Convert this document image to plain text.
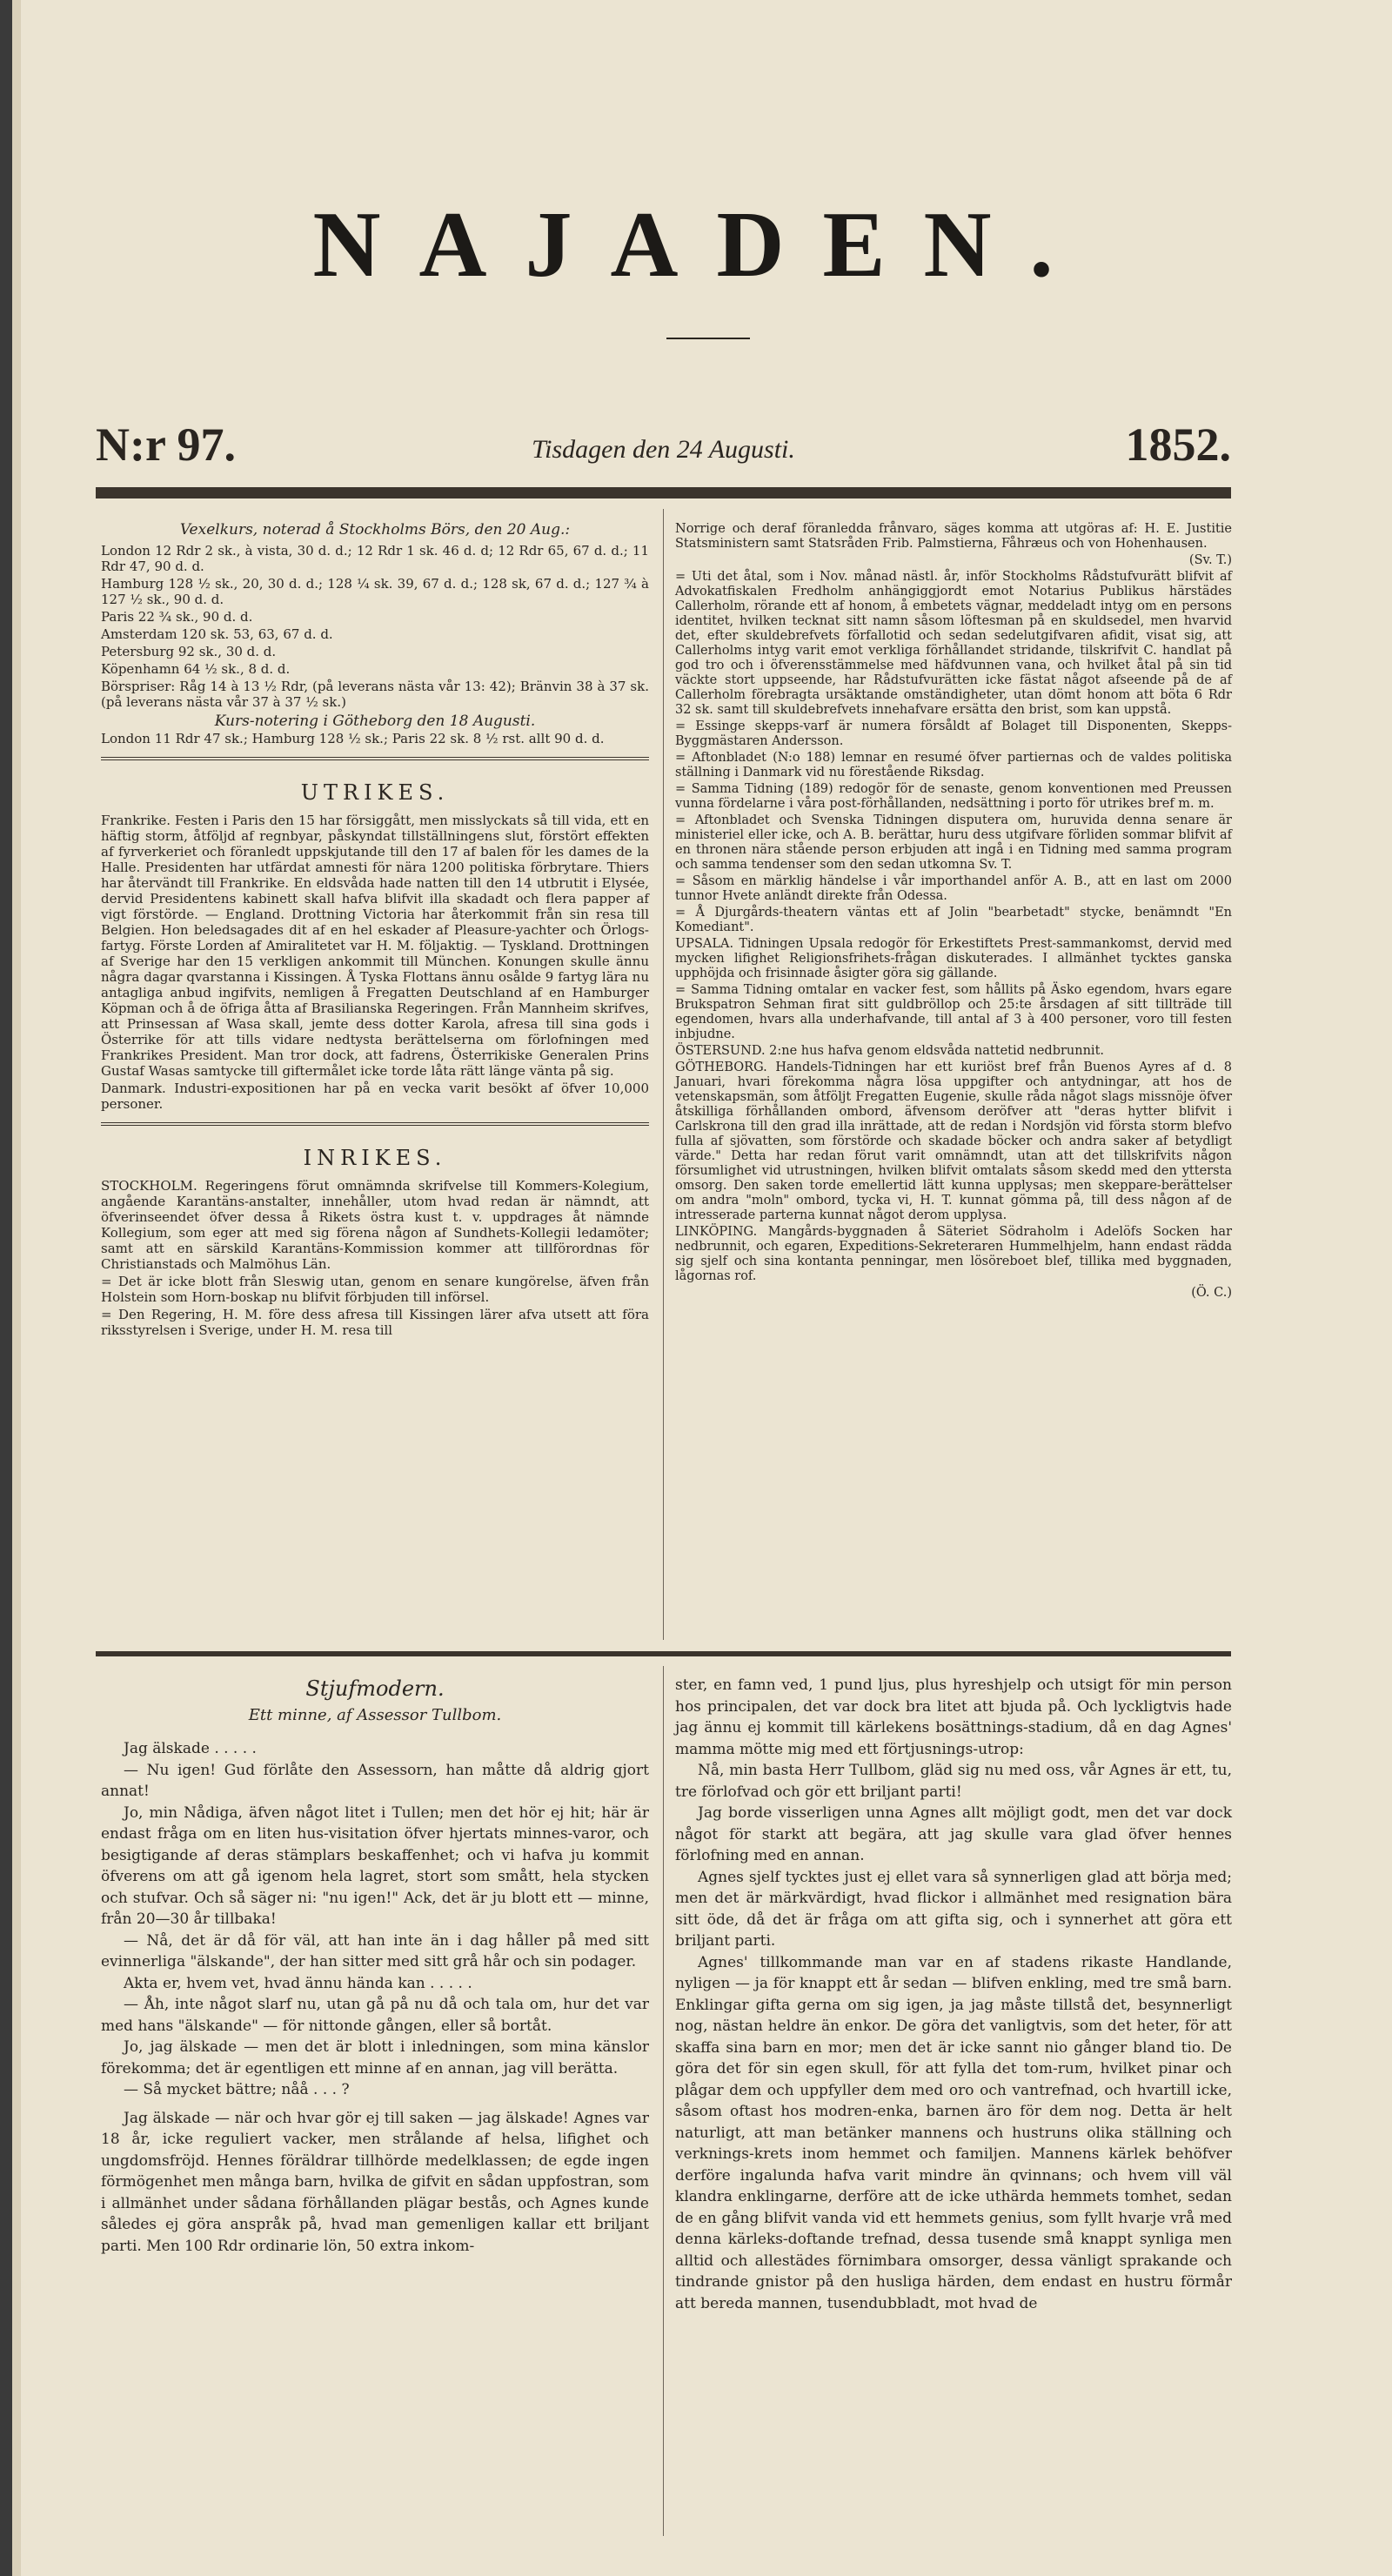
NAJADEN.
N:r 97.	Tisdagen den 24 Augusti.	1852.

Vexelkurs, noterad å Stockholms Börs, den 20 Aug.:

London 12 Rdr 2 sk., à vista, 30 d. d.; 12 Rdr 1 sk. 46 d. d; 12 Rdr 65, 67 d. d.; 11 Rdr 47, 90 d. d.

Hamburg 128 ½ sk., 20, 30 d. d.; 128 ¼ sk. 39, 67 d. d.; 128 sk, 67 d. d.; 127 ¾ à 127 ½ sk., 90 d. d.

Paris 22 ¾ sk., 90 d. d.

Amsterdam 120 sk. 53, 63, 67 d. d.

Petersburg 92 sk., 30 d. d.

Köpenhamn 64 ½ sk., 8 d. d.

Börspriser: Råg 14 à 13 ½ Rdr, (på leverans nästa vår 13: 42); Bränvin 38 à 37 sk. (på leverans nästa vår 37 à 37 ½ sk.)

Kurs-notering i Götheborg den 18 Augusti.

London 11 Rdr 47 sk.; Hamburg 128 ½ sk.; Paris 22 sk. 8 ½ rst. allt 90 d. d.

UTRIKES.

Frankrike. Festen i Paris den 15 har försiggått, men misslyckats så till vida, ett en häftig storm, åtföljd af regnbyar, påskyndat tillställningens slut, förstört effekten af fyrverkeriet och föranledt uppskjutande till den 17 af balen för les dames de la Halle. Presidenten har utfärdat amnesti för nära 1200 politiska förbrytare. Thiers har återvändt till Frankrike. En eldsvåda hade natten till den 14 utbrutit i Elysée, dervid Presidentens kabinett skall hafva blifvit illa skadadt och flera papper af vigt förstörde. — England. Drottning Victoria har återkommit från sin resa till Belgien. Hon beledsagades dit af en hel eskader af Pleasure-yachter och Örlogs-fartyg. Förste Lorden af Amiralitetet var H. M. följaktig. — Tyskland. Drottningen af Sverige har den 15 verkligen ankommit till München. Konungen skulle ännu några dagar qvarstanna i Kissingen. Å Tyska Flottans ännu osålde 9 fartyg lära nu antagliga anbud ingifvits, nemligen å Fregatten Deutschland af en Hamburger Köpman och å de öfriga åtta af Brasilianska Regeringen. Från Mannheim skrifves, att Prinsessan af Wasa skall, jemte dess dotter Karola, afresa till sina gods i Österrike för att tills vidare nedtysta berättelserna om förlofningen med Frankrikes President. Man tror dock, att fadrens, Österrikiske Generalen Prins Gustaf Wasas samtycke till giftermålet icke torde låta rätt länge vänta på sig.

Danmark. Industri-expositionen har på en vecka varit besökt af öfver 10,000 personer.

INRIKES.

STOCKHOLM. Regeringens förut omnämnda skrifvelse till Kommers-Kolegium, angående Karantäns-anstalter, innehåller, utom hvad redan är nämndt, att öfverinseendet öfver dessa å Rikets östra kust t. v. uppdrages åt nämnde Kollegium, som eger att med sig förena någon af Sundhets-Kollegii ledamöter; samt att en särskild Karantäns-Kommission kommer att tillförordnas för Christianstads och Malmöhus Län.

= Det är icke blott från Sleswig utan, genom en senare kungörelse, äfven från Holstein som Horn-boskap nu blifvit förbjuden till införsel.

= Den Regering, H. M. före dess afresa till Kissingen lärer afva utsett att föra riksstyrelsen i Sverige, under H. M. resa till

Norrige och deraf föranledda frånvaro, säges komma att utgöras af: H. E. Justitie Statsministern samt Statsråden Frib. Palmstierna, Fåhræus och von Hohenhausen.

(Sv. T.)

= Uti det åtal, som i Nov. månad nästl. år, inför Stockholms Rådstufvurätt blifvit af Advokatfiskalen Fredholm anhängiggjordt emot Notarius Publikus härstädes Callerholm, rörande ett af honom, å embetets vägnar, meddeladt intyg om en persons identitet, hvilken tecknat sitt namn såsom löftesman på en skuldsedel, men hvarvid det, efter skuldebrefvets förfallotid och sedan sedelutgifvaren afidit, visat sig, att Callerholms intyg varit emot verkliga förhållandet stridande, tilskrifvit C. handlat på god tro och i öfverensstämmelse med häfdvunnen vana, och hvilket åtal på sin tid väckte stort uppseende, har Rådstufvurätten icke fästat något afseende på de af Callerholm förebragta ursäktande omständigheter, utan dömt honom att böta 6 Rdr 32 sk. samt till skuldebrefvets innehafvare ersätta den brist, som kan uppstå.

= Essinge skepps-varf är numera försåldt af Bolaget till Disponenten, Skepps-Byggmästaren Andersson.

= Aftonbladet (N:o 188) lemnar en resumé öfver partiernas och de valdes politiska ställning i Danmark vid nu förestående Riksdag.

= Samma Tidning (189) redogör för de senaste, genom konventionen med Preussen vunna fördelarne i våra post-förhållanden, nedsättning i porto för utrikes bref m. m.

= Aftonbladet och Svenska Tidningen disputera om, huruvida denna senare är ministeriel eller icke, och A. B. berättar, huru dess utgifvare förliden sommar blifvit af en thronen nära stående person erbjuden att ingå i en Tidning med samma program och samma tendenser som den sedan utkomna Sv. T.

= Såsom en märklig händelse i vår importhandel anför A. B., att en last om 2000 tunnor Hvete anländt direkte från Odessa.

= Å Djurgårds-theatern väntas ett af Jolin "bearbetadt" stycke, benämndt "En Komediant".

UPSALA. Tidningen Upsala redogör för Erkestiftets Prest-sammankomst, dervid med mycken lifighet Religionsfrihets-frågan diskuterades. I allmänhet tycktes ganska upphöjda och frisinnade åsigter göra sig gällande.

= Samma Tidning omtalar en vacker fest, som hållits på Äsko egendom, hvars egare Brukspatron Sehman firat sitt guldbröllop och 25:te årsdagen af sitt tillträde till egendomen, hvars alla underhafvande, till antal af 3 à 400 personer, voro till festen inbjudne.

ÖSTERSUND. 2:ne hus hafva genom eldsvåda nattetid nedbrunnit.

GÖTHEBORG. Handels-Tidningen har ett kuriöst bref från Buenos Ayres af d. 8 Januari, hvari förekomma några lösa uppgifter och antydningar, att hos de vetenskapsmän, som åtföljt Fregatten Eugenie, skulle råda något slags missnöje öfver åtskilliga förhållanden ombord, äfvensom deröfver att "deras hytter blifvit i Carlskrona till den grad illa inrättade, att de redan i Nordsjön vid första storm blefvo fulla af sjövatten, som förstörde och skadade böcker och andra saker af betydligt värde." Detta har redan förut varit omnämndt, utan att det tillskrifvits någon försumlighet vid utrustningen, hvilken blifvit omtalats såsom skedd med den yttersta omsorg. Den saken torde emellertid lätt kunna upplysas; men skeppare-berättelser om andra "moln" ombord, tycka vi, H. T. kunnat gömma på, till dess någon af de intresserade parterna kunnat något derom upplysa.

LINKÖPING. Mangårds-byggnaden å Säteriet Södraholm i Adelöfs Socken har nedbrunnit, och egaren, Expeditions-Sekreteraren Hummelhjelm, hann endast rädda sig sjelf och sina kontanta penningar, men lösöreboet blef, tillika med byggnaden, lågornas rof.

(Ö. C.)

Stjufmodern.
Ett minne, af Assessor Tullbom.

Jag älskade . . . . .

— Nu igen! Gud förlåte den Assessorn, han måtte då aldrig gjort annat!

Jo, min Nådiga, äfven något litet i Tullen; men det hör ej hit; här är endast fråga om en liten hus-visitation öfver hjertats minnes-varor, och besigtigande af deras stämplars beskaffenhet; och vi hafva ju kommit öfverens om att gå igenom hela lagret, stort som smått, hela stycken och stufvar. Och så säger ni: "nu igen!" Ack, det är ju blott ett — minne, från 20—30 år tillbaka!

— Nå, det är då för väl, att han inte än i dag håller på med sitt evinnerliga "älskande", der han sitter med sitt grå hår och sin podager.

Akta er, hvem vet, hvad ännu hända kan . . . . .

— Åh, inte något slarf nu, utan gå på nu då och tala om, hur det var med hans "älskande" — för nittonde gången, eller så bortåt.

Jo, jag älskade — men det är blott i inledningen, som mina känslor förekomma; det är egentligen ett minne af en annan, jag vill berätta.

— Så mycket bättre; nåå . . . ?

Jag älskade — när och hvar gör ej till saken — jag älskade! Agnes var 18 år, icke reguliert vacker, men strålande af helsa, lifighet och ungdomsfröjd. Hennes föräldrar tillhörde medelklassen; de egde ingen förmögenhet men många barn, hvilka de gifvit en sådan uppfostran, som i allmänhet under sådana förhållanden plägar bestås, och Agnes kunde således ej göra anspråk på, hvad man gemenligen kallar ett briljant parti. Men 100 Rdr ordinarie lön, 50 extra inkom-

ster, en famn ved, 1 pund ljus, plus hyreshjelp och utsigt för min person hos principalen, det var dock bra litet att bjuda på. Och lyckligtvis hade jag ännu ej kommit till kärlekens bosättnings-stadium, då en dag Agnes' mamma mötte mig med ett förtjusnings-utrop:

Nå, min basta Herr Tullbom, gläd sig nu med oss, vår Agnes är ett, tu, tre förlofvad och gör ett briljant parti!

Jag borde visserligen unna Agnes allt möjligt godt, men det var dock något för starkt att begära, att jag skulle vara glad öfver hennes förlofning med en annan.

Agnes sjelf tycktes just ej ellet vara så synnerligen glad att börja med; men det är märkvärdigt, hvad flickor i allmänhet med resignation bära sitt öde, då det är fråga om att gifta sig, och i synnerhet att göra ett briljant parti.

Agnes' tillkommande man var en af stadens rikaste Handlande, nyligen — ja för knappt ett år sedan — blifven enkling, med tre små barn. Enklingar gifta gerna om sig igen, ja jag måste tillstå det, besynnerligt nog, nästan heldre än enkor. De göra det vanligtvis, som det heter, för att skaffa sina barn en mor; men det är icke sannt nio gånger bland tio. De göra det för sin egen skull, för att fylla det tom-rum, hvilket pinar och plågar dem och uppfyller dem med oro och vantrefnad, och hvartill icke, såsom oftast hos modren-enka, barnen äro för dem nog. Detta är helt naturligt, att man betänker mannens och hustruns olika ställning och verknings-krets inom hemmet och familjen. Mannens kärlek behöfver derföre ingalunda hafva varit mindre än qvinnans; och hvem vill väl klandra enklingarne, derföre att de icke uthärda hemmets tomhet, sedan de en gång blifvit vanda vid ett hemmets genius, som fyllt hvarje vrå med denna kärleks-doftande trefnad, dessa tusende små knappt synliga men alltid och allestädes förnimbara omsorger, dessa vänligt sprakande och tindrande gnistor på den husliga härden, dem endast en hustru förmår att bereda mannen, tusendubbladt, mot hvad de
